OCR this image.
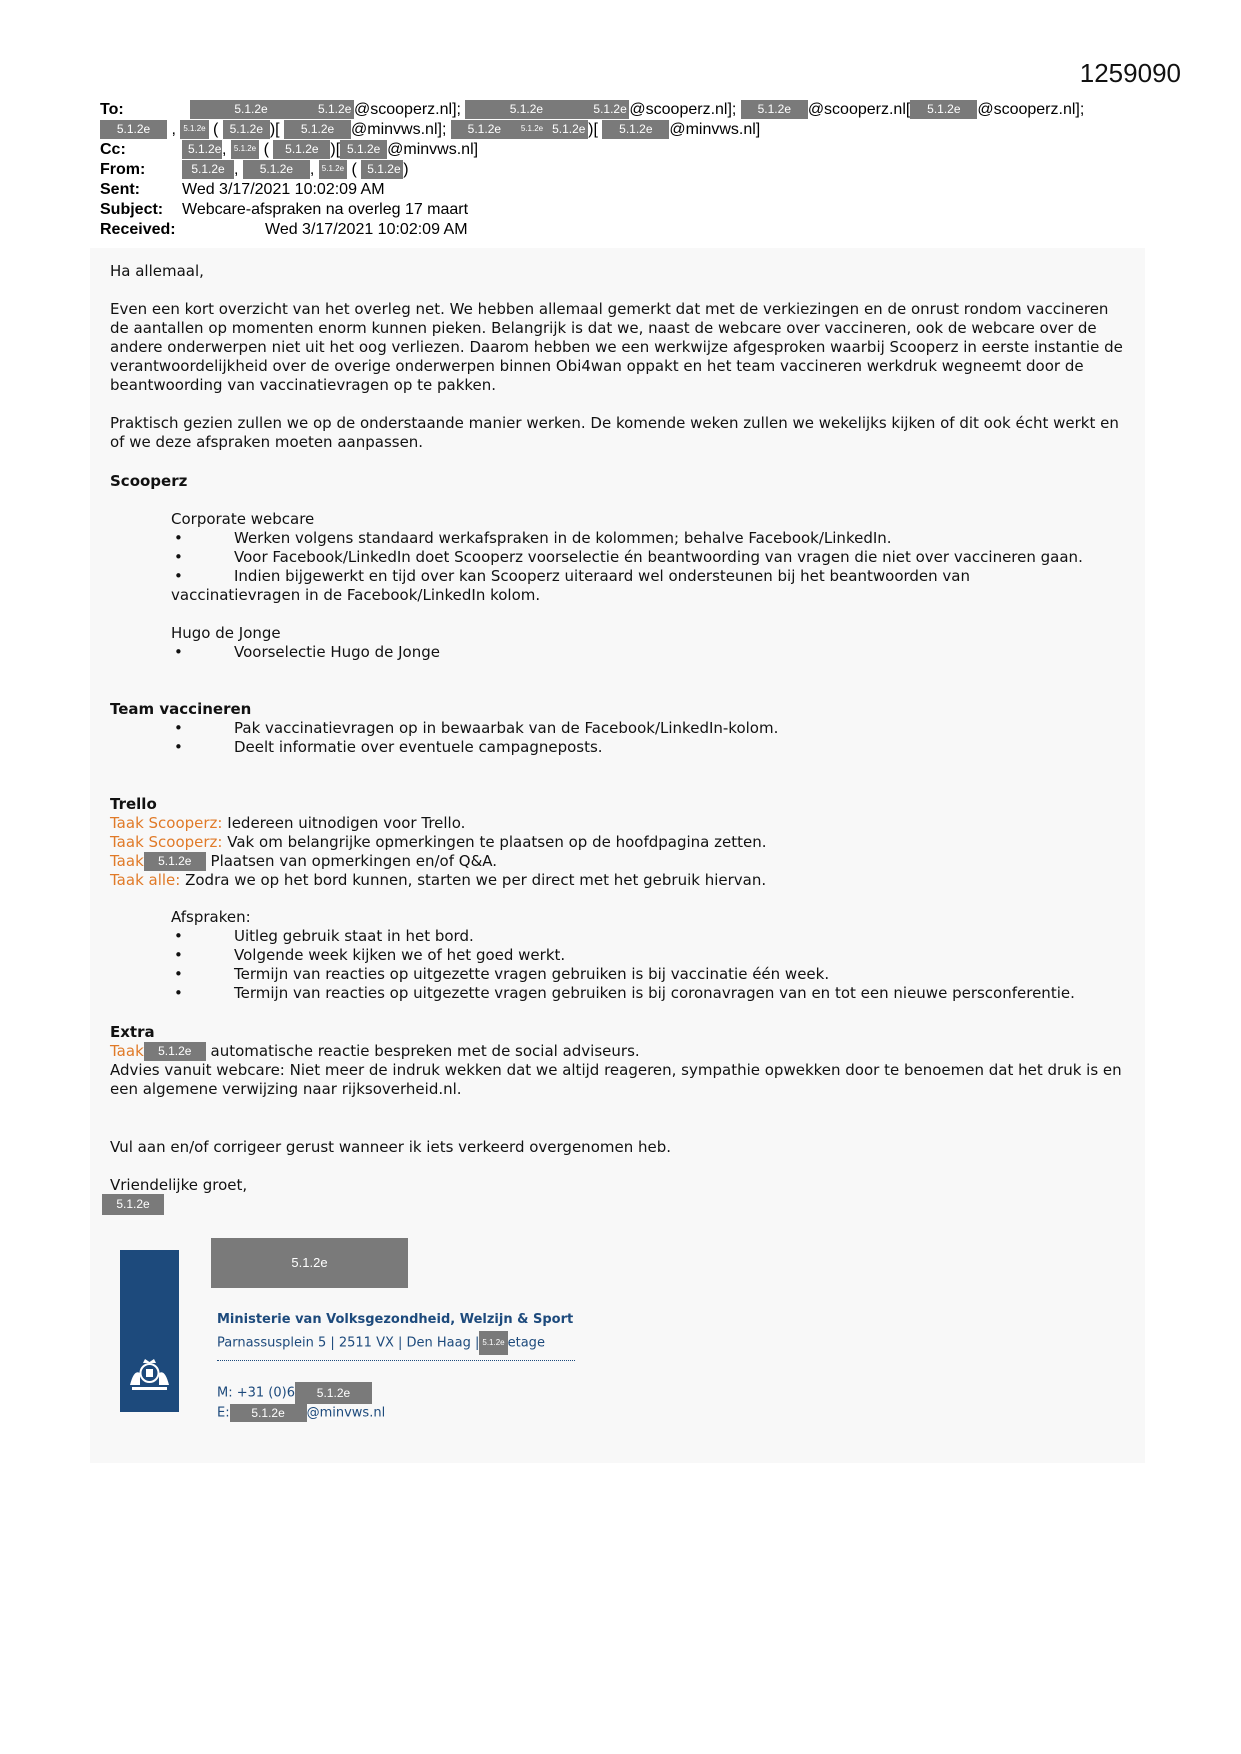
1259090
To:	5.1.2e	5.1.2e @scooperz.nl];	5.1.2e	5.1.2e @scooperz.nl]; 5.1.2e @scooperz.nl[ 5.1.2e @scooperz.nl];
5.1.2e , 5.1.2e ( 5.1.2e )[ 5.1.2e @minvws.nl]; 5.1.2e 5.1.2e 5.1.2e )[ 5.1.2e @minvws.nl]
Cc:	5.1.2e, 5.1.2e ( 5.1.2e )[ 5.1.2e @minvws.nl]
From:	5.1.2e , 5.1.2e , 5.1.2e ( 5.1.2e )
Sent:	Wed 3/17/2021 10:02:09 AM
Subject: Webcare-afspraken na overleg 17 maart
Received:	Wed 3/17/2021 10:02:09 AM
Ha allemaal,
Even een kort overzicht van het overleg net. We hebben allemaal gemerkt dat met de verkiezingen en de onrust rondom vaccineren de aantallen op momenten enorm kunnen pieken. Belangrijk is dat we, naast de webcare over vaccineren, ook de webcare over de andere onderwerpen niet uit het oog verliezen. Daarom hebben we een werkwijze afgesproken waarbij Scooperz in eerste instantie de verantwoordelijkheid over de overige onderwerpen binnen Obi4wan oppakt en het team vaccineren werkdruk wegneemt door de beantwoording van vaccinatievragen op te pakken.
Praktisch gezien zullen we op de onderstaande manier werken. De komende weken zullen we wekelijks kijken of dit ook écht werkt en of we deze afspraken moeten aanpassen.
Scooperz
Corporate webcare
• Werken volgens standaard werkafspraken in de kolommen; behalve Facebook/LinkedIn.
• Voor Facebook/LinkedIn doet Scooperz voorselectie én beantwoording van vragen die niet over vaccineren gaan.
• Indien bijgewerkt en tijd over kan Scooperz uiteraard wel ondersteunen bij het beantwoorden van
vaccinatievragen in de Facebook/LinkedIn kolom.
Hugo de Jonge
• Voorselectie Hugo de Jonge
Team vaccineren
• Pak vaccinatievragen op in bewaarbak van de Facebook/LinkedIn-kolom.
• Deelt informatie over eventuele campagneposts.
Trello
Taak Scooperz: Iedereen uitnodigen voor Trello.
Taak Scooperz: Vak om belangrijke opmerkingen te plaatsen op de hoofdpagina zetten.
Taak 5.1.2e Plaatsen van opmerkingen en/of Q&A.
Taak alle: Zodra we op het bord kunnen, starten we per direct met het gebruik hiervan.
Afspraken:
• Uitleg gebruik staat in het bord.
• Volgende week kijken we of het goed werkt.
• Termijn van reacties op uitgezette vragen gebruiken is bij vaccinatie één week.
• Termijn van reacties op uitgezette vragen gebruiken is bij coronavragen van en tot een nieuwe persconferentie.
Extra
Taak 5.1.2e automatische reactie bespreken met de social adviseurs.
Advies vanuit webcare: Niet meer de indruk wekken dat we altijd reageren, sympathie opwekken door te benoemen dat het druk is en een algemene verwijzing naar rijksoverheid.nl.
Vul aan en/of corrigeer gerust wanneer ik iets verkeerd overgenomen heb.
Vriendelijke groet,
5.1.2e
5.1.2e
Ministerie van Volksgezondheid, Welzijn & Sport
Parnassusplein 5 | 2511 VX | Den Haag | 5.1.2e etage
M: +31 (0)6 5.1.2e
E: 5.1.2e @minvws.nl
